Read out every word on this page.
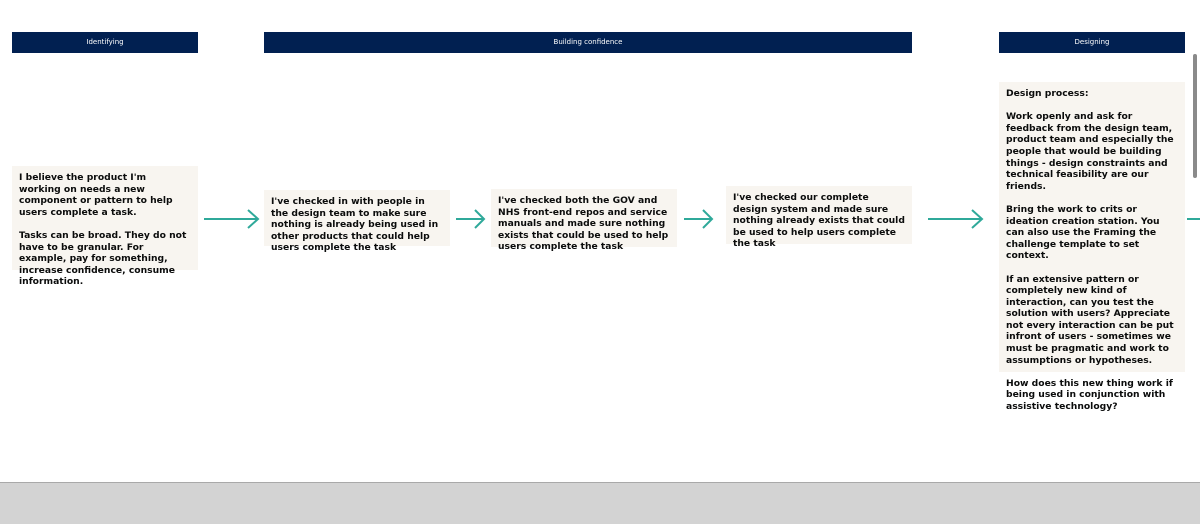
Identifying	Building confidence	Designing
I believe the product I'm working on needs a new component or pattern to help users complete a task.

Tasks can be broad. They do not have to be granular. For example, pay for something, increase confidence, consume information.
I've checked in with people in the design team to make sure nothing is already being used in other products that could help users complete the task
I've checked both the GOV and NHS front-end repos and service manuals and made sure nothing exists that could be used to help users complete the task
I've checked our complete design system and made sure nothing already exists that could be used to help users complete the task
Design process:

Work openly and ask for feedback from the design team, product team and especially the people that would be building things - design constraints and technical feasibility are our friends.

Bring the work to crits or ideation creation station. You can also use the Framing the challenge template to set context.

If an extensive pattern or completely new kind of interaction, can you test the solution with users? Appreciate not every interaction can be put infront of users - sometimes we must be pragmatic and work to assumptions or hypotheses.

How does this new thing work if being used in conjunction with assistive technology?
